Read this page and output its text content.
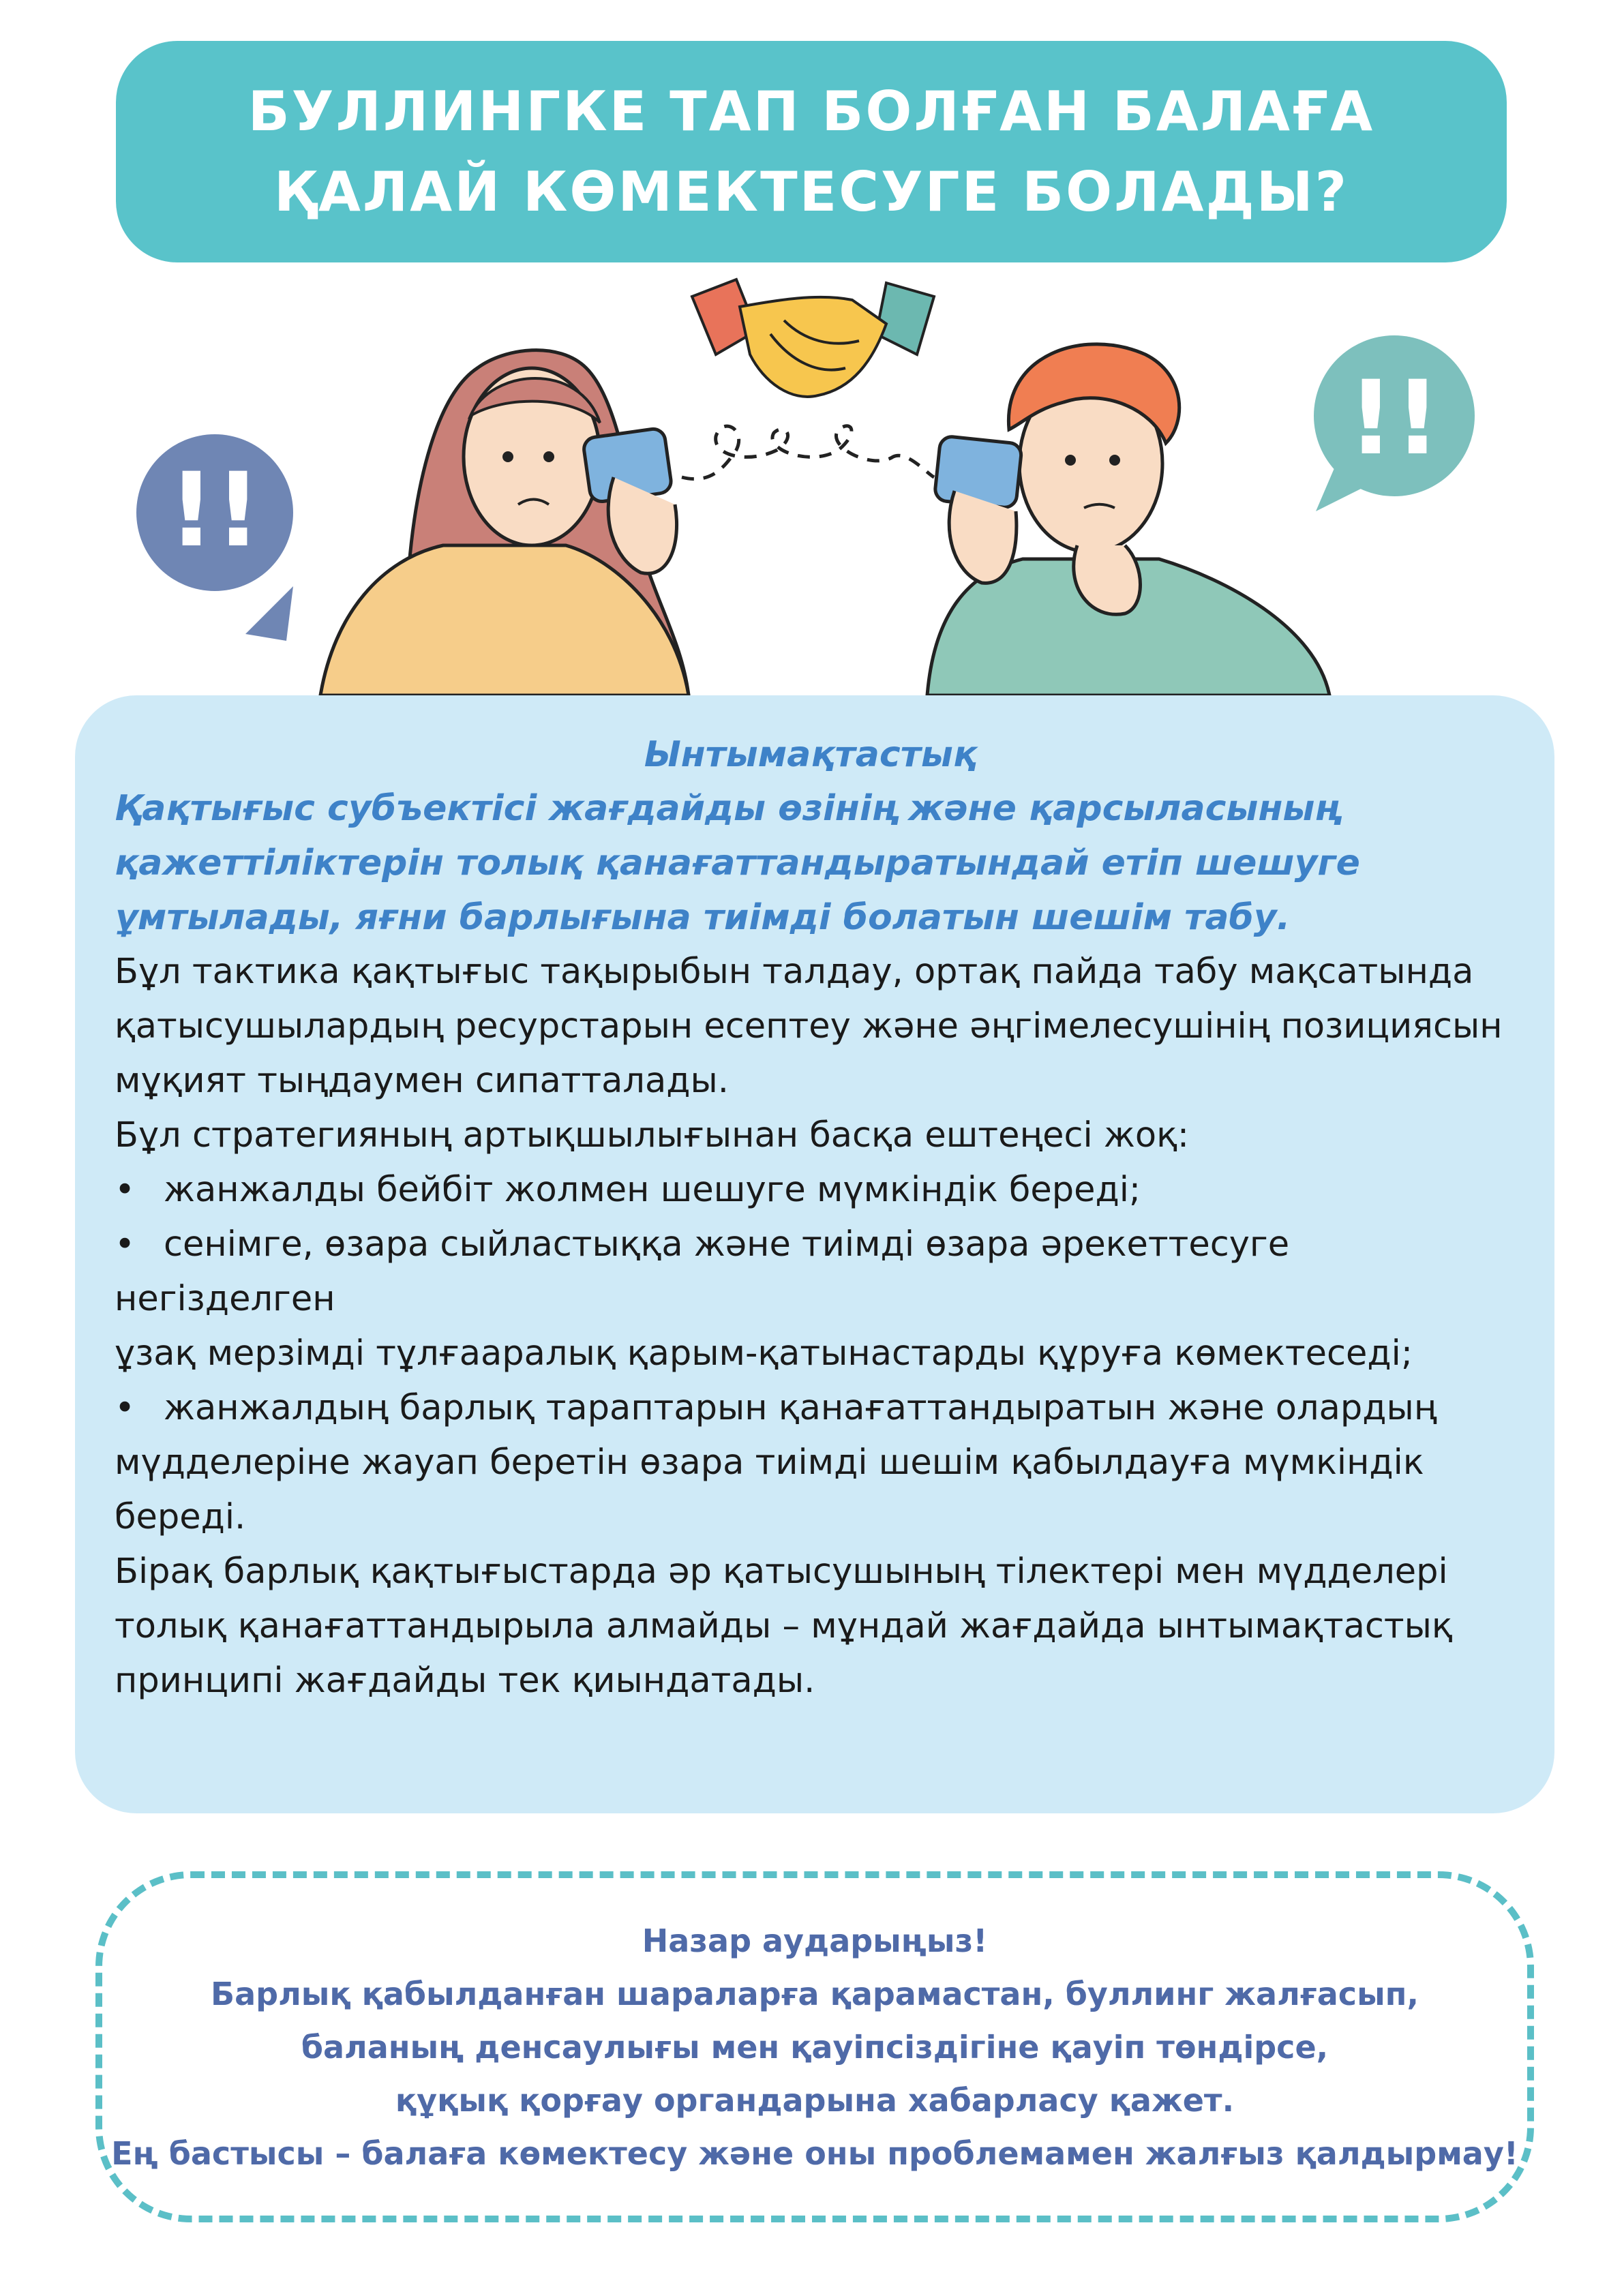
БУЛЛИНГКЕ ТАП БОЛҒАН БАЛАҒА
ҚАЛАЙ КӨМЕКТЕСУГЕ БОЛАДЫ?
!!
!!
Ынтымақтастық
Қақтығыс субъектісі жағдайды өзінің және қарсыласының
қажеттіліктерін толық қанағаттандыратындай етіп шешуге
ұмтылады, яғни барлығына тиімді болатын шешім табу.

Бұл тактика қақтығыс тақырыбын талдау, ортақ пайда табу мақсатында
қатысушылардың ресурстарын есептеу және әңгімелесушінің позициясын
мұқият тыңдаумен сипатталады.

Бұл стратегияның артықшылығынан басқа ештеңесі жоқ:

• жанжалды бейбіт жолмен шешуге мүмкіндік береді;
• сенімге, өзара сыйластыққа және тиімді өзара әрекеттесуге негізделген
ұзақ мерзімді тұлғааралық қарым-қатынастарды құруға көмектеседі;
• жанжалдың барлық тараптарын қанағаттандыратын және олардың
мүдделеріне жауап беретін өзара тиімді шешім қабылдауға мүмкіндік
береді.

Бірақ барлық қақтығыстарда әр қатысушының тілектері мен мүдделері
толық қанағаттандырыла алмайды – мұндай жағдайда ынтымақтастық
принципі жағдайды тек қиындатады.

Назар аударыңыз!
Барлық қабылданған шараларға қарамастан, буллинг жалғасып,
баланың денсаулығы мен қауіпсіздігіне қауіп төндірсе,
құқық қорғау органдарына хабарласу қажет.
Ең бастысы – балаға көмектесу және оны проблемамен жалғыз қалдырмау!
